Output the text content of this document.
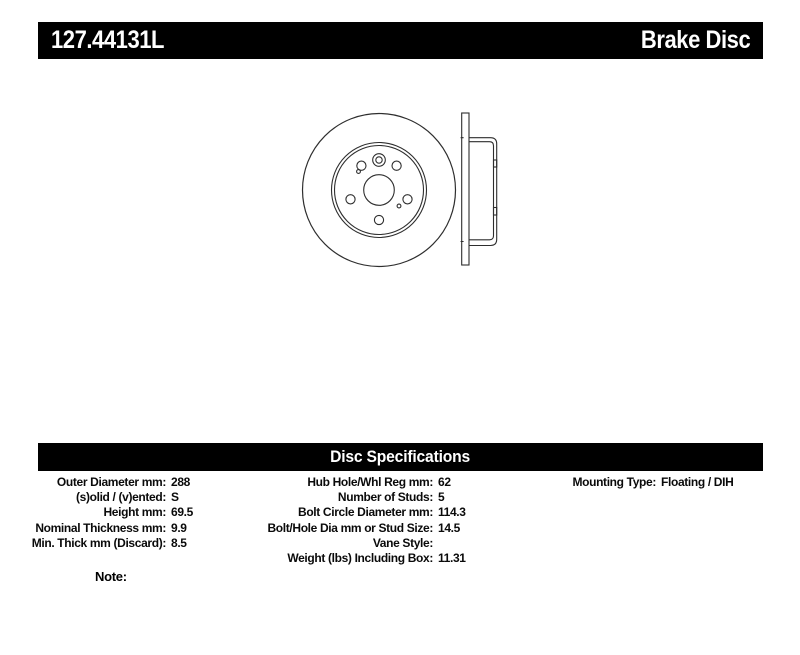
127.44131L	Brake Disc
Disc Specifications
Outer Diameter mm: 288
(s)olid / (v)ented: S
Height mm: 69.5
Nominal Thickness mm: 9.9
Min. Thick mm (Discard): 8.5
Hub Hole/Whl Reg mm: 62
Number of Studs: 5
Bolt Circle Diameter mm: 114.3
Bolt/Hole Dia mm or Stud Size: 14.5
Vane Style:
Weight (lbs) Including Box: 11.31
Mounting Type: Floating / DIH
Note:
